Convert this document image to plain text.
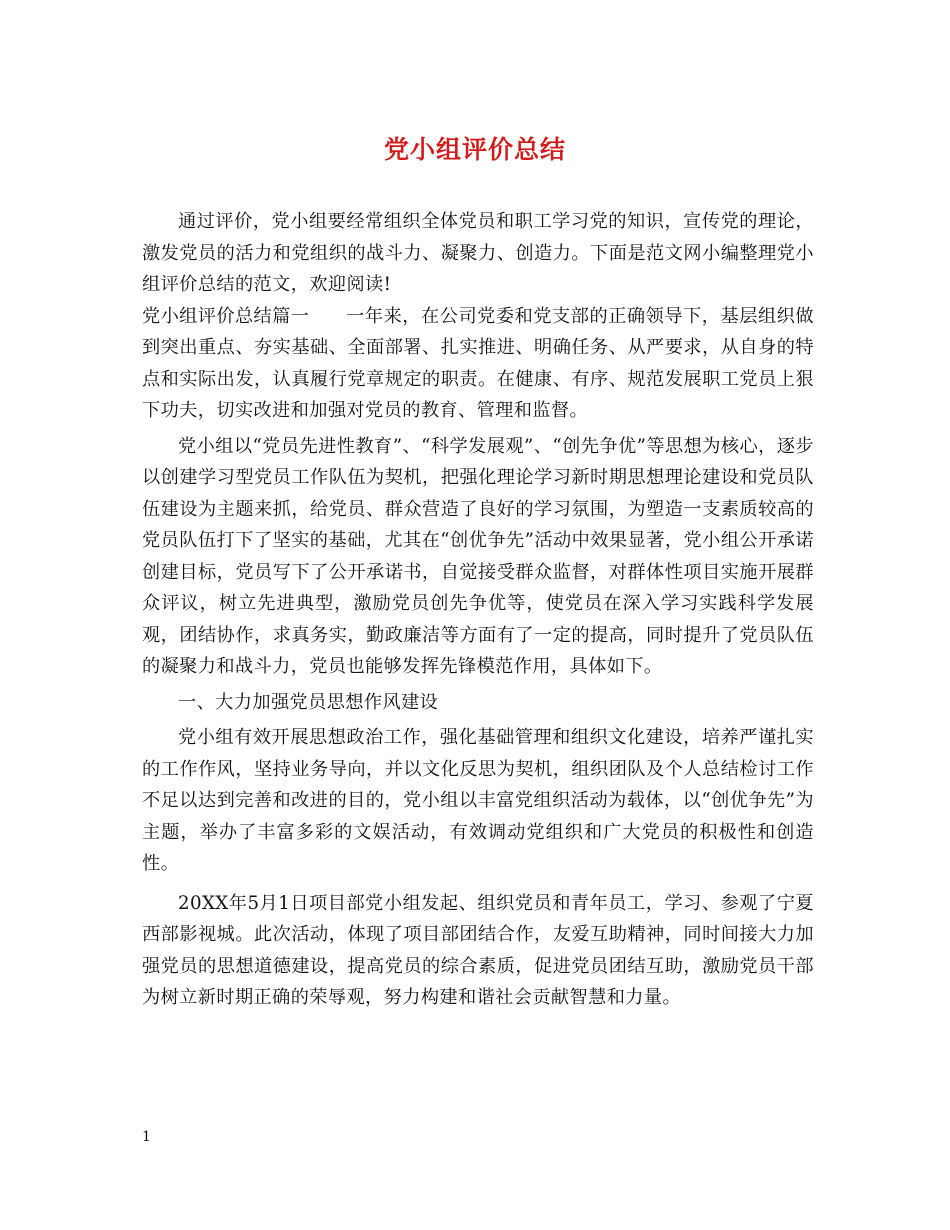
党小组评价总结

通过评价，党小组要经常组织全体党员和职工学习党的知识，宣传党的理论，激发党员的活力和党组织的战斗力、凝聚力、创造力。下面是范文网小编整理党小组评价总结的范文，欢迎阅读!

党小组评价总结篇一 一年来，在公司党委和党支部的正确领导下，基层组织做到突出重点、夯实基础、全面部署、扎实推进、明确任务、从严要求，从自身的特点和实际出发，认真履行党章规定的职责。在健康、有序、规范发展职工党员上狠下功夫，切实改进和加强对党员的教育、管理和监督。

党小组以“党员先进性教育”、“科学发展观”、“创先争优”等思想为核心，逐步以创建学习型党员工作队伍为契机，把强化理论学习新时期思想理论建设和党员队伍建设为主题来抓，给党员、群众营造了良好的学习氛围，为塑造一支素质较高的党员队伍打下了坚实的基础，尤其在“创优争先”活动中效果显著，党小组公开承诺创建目标，党员写下了公开承诺书，自觉接受群众监督，对群体性项目实施开展群众评议，树立先进典型，激励党员创先争优等，使党员在深入学习实践科学发展观，团结协作，求真务实，勤政廉洁等方面有了一定的提高，同时提升了党员队伍的凝聚力和战斗力，党员也能够发挥先锋模范作用，具体如下。

一、大力加强党员思想作风建设

党小组有效开展思想政治工作，强化基础管理和组织文化建设，培养严谨扎实的工作作风，坚持业务导向，并以文化反思为契机，组织团队及个人总结检讨工作不足以达到完善和改进的目的，党小组以丰富党组织活动为载体，以“创优争先”为主题，举办了丰富多彩的文娱活动，有效调动党组织和广大党员的积极性和创造性。

20XX年5月1日项目部党小组发起、组织党员和青年员工，学习、参观了宁夏西部影视城。此次活动，体现了项目部团结合作，友爱互助精神，同时间接大力加强党员的思想道德建设，提高党员的综合素质，促进党员团结互助，激励党员干部为树立新时期正确的荣辱观，努力构建和谐社会贡献智慧和力量。

1
